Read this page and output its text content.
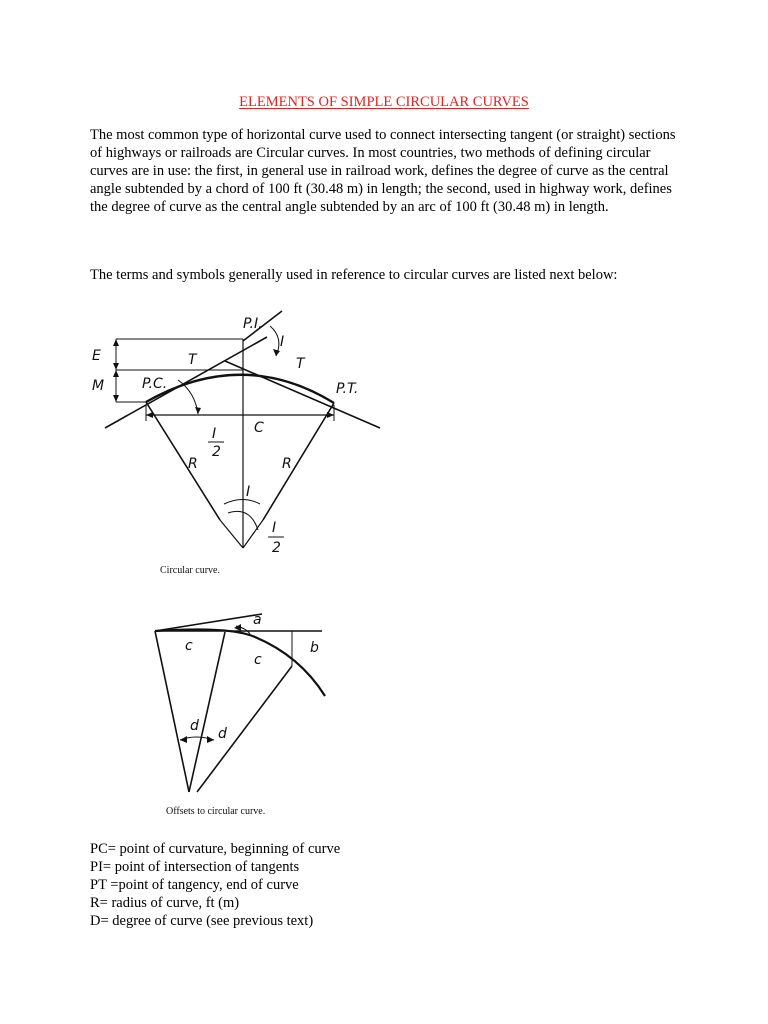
ELEMENTS OF SIMPLE CIRCULAR CURVES

The most common type of horizontal curve used to connect intersecting tangent (or straight) sections of highways or railroads are Circular curves. In most countries, two methods of defining circular curves are in use: the first, in general use in railroad work, defines the degree of curve as the central angle subtended by a chord of 100 ft (30.48 m) in length; the second, used in highway work, defines the degree of curve as the central angle subtended by an arc of 100 ft (30.48 m) in length.

The terms and symbols generally used in reference to circular curves are listed next below:

P.I.
I
E
M
T	T
P.C.	P.T.
C
I
2
R	R
I
I
2
Circular curve.
a
b
c
c
d d
Offsets to circular curve.
PC= point of curvature, beginning of curve
PI= point of intersection of tangents
PT =point of tangency, end of curve
R= radius of curve, ft (m)
D= degree of curve (see previous text)
